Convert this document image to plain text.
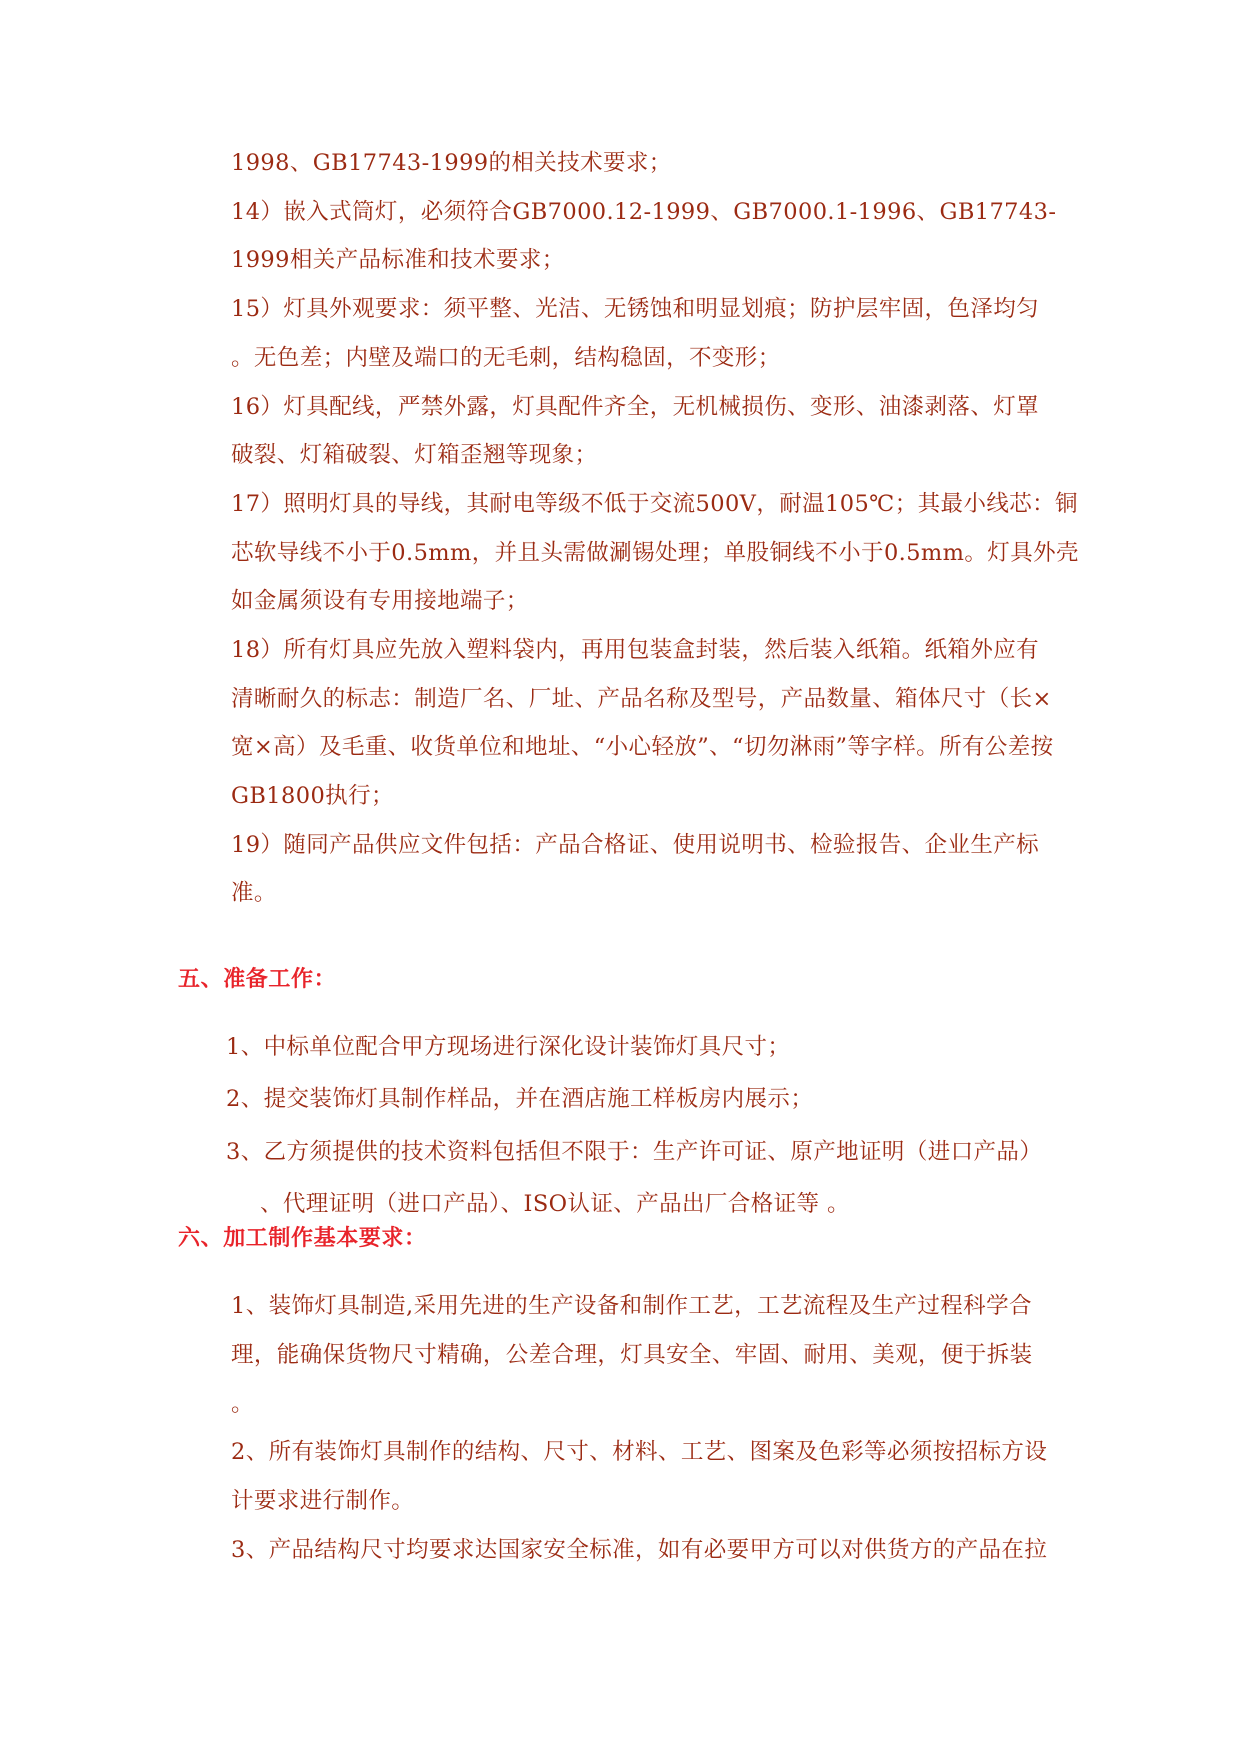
1998、GB17743-1999的相关技术要求；
14）嵌入式筒灯，必须符合GB7000.12-1999、GB7000.1-1996、GB17743-
1999相关产品标准和技术要求；
15）灯具外观要求：须平整、光洁、无锈蚀和明显划痕；防护层牢固，色泽均匀
。无色差；内壁及端口的无毛刺，结构稳固，不变形；
16）灯具配线，严禁外露，灯具配件齐全，无机械损伤、变形、油漆剥落、灯罩
破裂、灯箱破裂、灯箱歪翘等现象；
17）照明灯具的导线，其耐电等级不低于交流500V，耐温105℃；其最小线芯：铜
芯软导线不小于0.5mm，并且头需做涮锡处理；单股铜线不小于0.5mm。灯具外壳
如金属须设有专用接地端子；
18）所有灯具应先放入塑料袋内，再用包装盒封装，然后装入纸箱。纸箱外应有
清晰耐久的标志：制造厂名、厂址、产品名称及型号，产品数量、箱体尺寸（长×
宽×高）及毛重、收货单位和地址、“小心轻放”、“切勿淋雨”等字样。所有公差按
GB1800执行；
19）随同产品供应文件包括：产品合格证、使用说明书、检验报告、企业生产标
准。
五、准备工作：
1、中标单位配合甲方现场进行深化设计装饰灯具尺寸；
2、提交装饰灯具制作样品，并在酒店施工样板房内展示；
3、乙方须提供的技术资料包括但不限于：生产许可证、原产地证明（进口产品）
、代理证明（进口产品）、ISO认证、产品出厂合格证等 。
六、加工制作基本要求：
1、装饰灯具制造,采用先进的生产设备和制作工艺，工艺流程及生产过程科学合
理，能确保货物尺寸精确，公差合理，灯具安全、牢固、耐用、美观，便于拆装
。
2、所有装饰灯具制作的结构、尺寸、材料、工艺、图案及色彩等必须按招标方设
计要求进行制作。
3、产品结构尺寸均要求达国家安全标准，如有必要甲方可以对供货方的产品在拉
